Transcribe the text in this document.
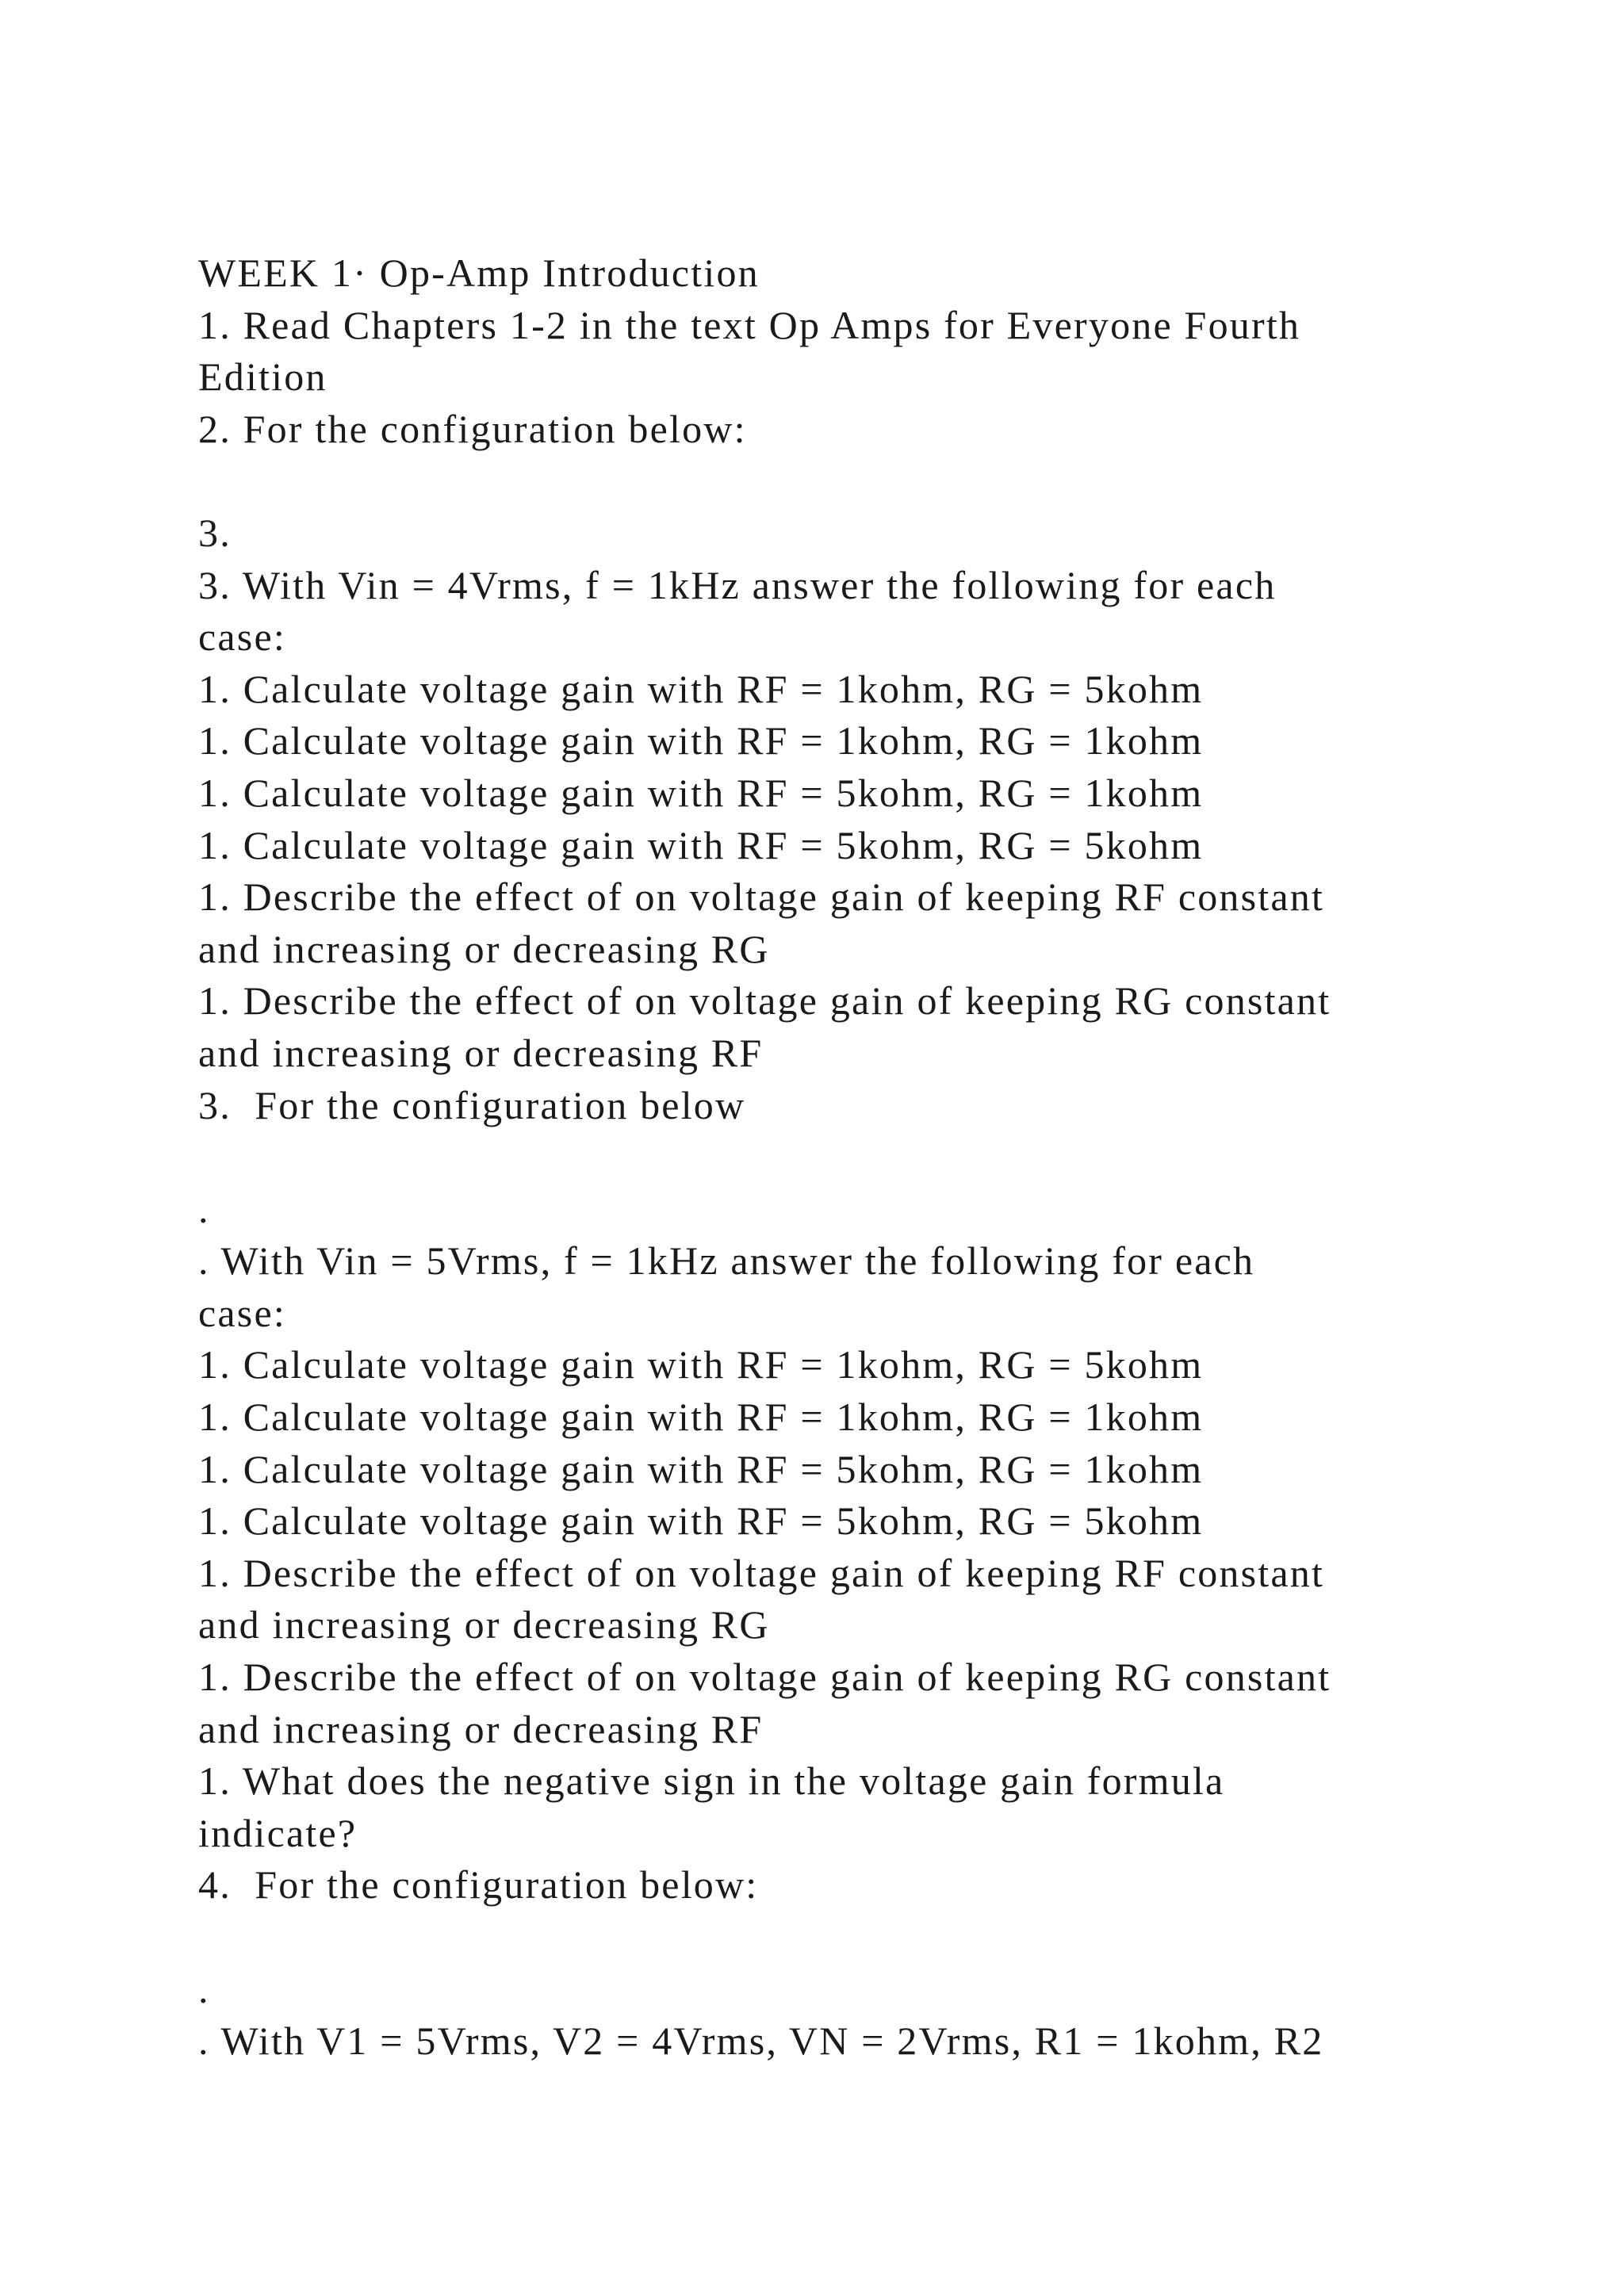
WEEK 1· Op-Amp Introduction
1. Read Chapters 1-2 in the text Op Amps for Everyone Fourth
Edition
2. For the configuration below:
3.
3. With Vin = 4Vrms, f = 1kHz answer the following for each
case:
1. Calculate voltage gain with RF = 1kohm, RG = 5kohm
1. Calculate voltage gain with RF = 1kohm, RG = 1kohm
1. Calculate voltage gain with RF = 5kohm, RG = 1kohm
1. Calculate voltage gain with RF = 5kohm, RG = 5kohm
1. Describe the effect of on voltage gain of keeping RF constant
and increasing or decreasing RG
1. Describe the effect of on voltage gain of keeping RG constant
and increasing or decreasing RF
3.  For the configuration below
.
. With Vin = 5Vrms, f = 1kHz answer the following for each
case:
1. Calculate voltage gain with RF = 1kohm, RG = 5kohm
1. Calculate voltage gain with RF = 1kohm, RG = 1kohm
1. Calculate voltage gain with RF = 5kohm, RG = 1kohm
1. Calculate voltage gain with RF = 5kohm, RG = 5kohm
1. Describe the effect of on voltage gain of keeping RF constant
and increasing or decreasing RG
1. Describe the effect of on voltage gain of keeping RG constant
and increasing or decreasing RF
1. What does the negative sign in the voltage gain formula
indicate?
4.  For the configuration below:
.
. With V1 = 5Vrms, V2 = 4Vrms, VN = 2Vrms, R1 = 1kohm, R2
